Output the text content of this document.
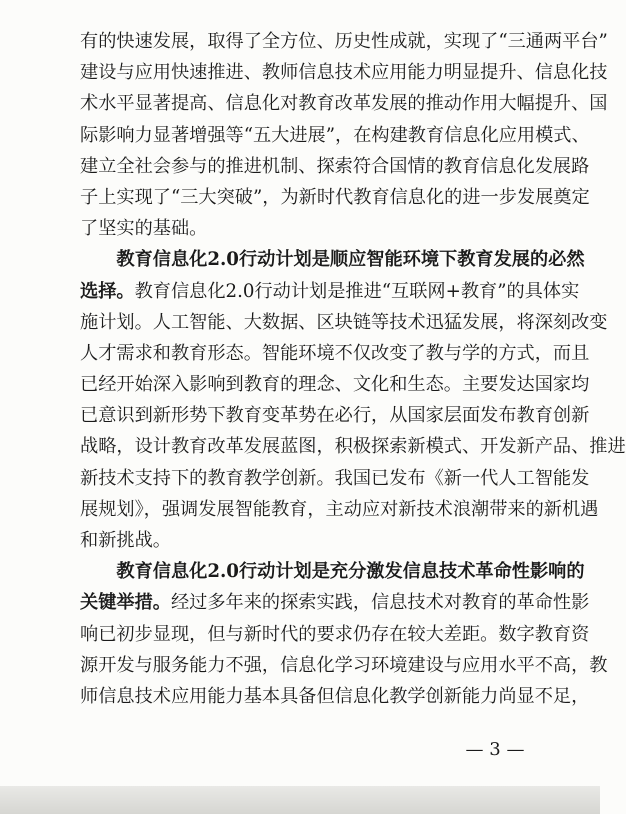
有的快速发展，取得了全方位、历史性成就，实现了“三通两平台”
建设与应用快速推进、教师信息技术应用能力明显提升、信息化技
术水平显著提高、信息化对教育改革发展的推动作用大幅提升、国
际影响力显著增强等“五大进展”，在构建教育信息化应用模式、
建立全社会参与的推进机制、探索符合国情的教育信息化发展路
子上实现了“三大突破”，为新时代教育信息化的进一步发展奠定
了坚实的基础。
　　教育信息化2.0行动计划是顺应智能环境下教育发展的必然
选择。教育信息化2.0行动计划是推进“互联网+教育”的具体实
施计划。人工智能、大数据、区块链等技术迅猛发展，将深刻改变
人才需求和教育形态。智能环境不仅改变了教与学的方式，而且
已经开始深入影响到教育的理念、文化和生态。主要发达国家均
已意识到新形势下教育变革势在必行，从国家层面发布教育创新
战略，设计教育改革发展蓝图，积极探索新模式、开发新产品、推进
新技术支持下的教育教学创新。我国已发布《新一代人工智能发
展规划》，强调发展智能教育，主动应对新技术浪潮带来的新机遇
和新挑战。
　　教育信息化2.0行动计划是充分激发信息技术革命性影响的
关键举措。经过多年来的探索实践，信息技术对教育的革命性影
响已初步显现，但与新时代的要求仍存在较大差距。数字教育资
源开发与服务能力不强，信息化学习环境建设与应用水平不高，教
师信息技术应用能力基本具备但信息化教学创新能力尚显不足，
— 3 —
